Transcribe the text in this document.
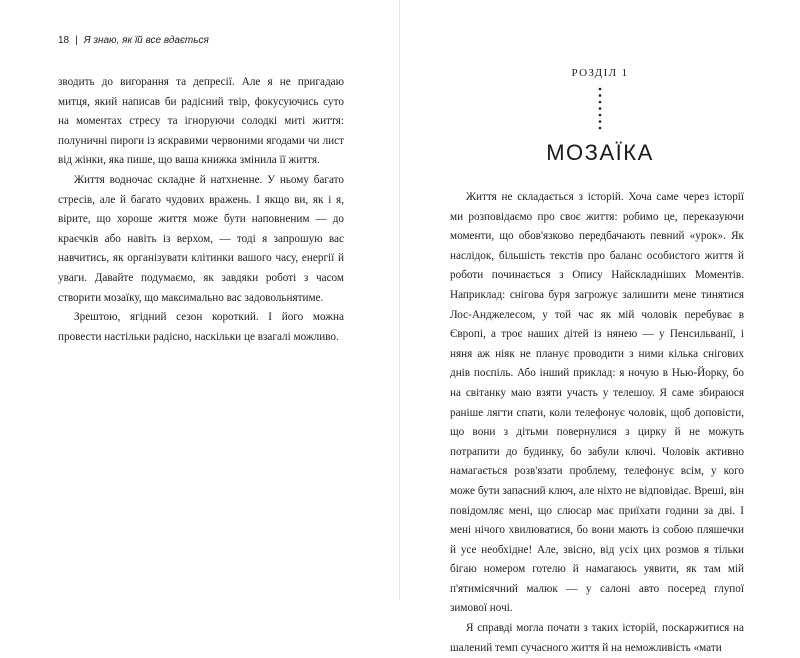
18 | Я знаю, як їй все вдається

зводить до вигорання та депресії. Але я не пригадаю митця, який написав би радісний твір, фокусуючись суто на моментах стресу та ігноруючи солодкі миті життя: полуничні пироги із яскравими червоними ягодами чи лист від жінки, яка пише, що ваша книжка змінила її життя.

Життя водночас складне й натхненне. У ньому багато стресів, але й багато чудових вражень. І якщо ви, як і я, вірите, що хороше життя може бути наповненим — до краєчків або навіть із верхом, — тоді я запрошую вас навчитись, як організувати клітинки вашого часу, енергії й уваги. Давайте подумаємо, як завдяки роботі з часом створити мозаїку, що максимально вас задовольнятиме.

Зрештою, ягідний сезон короткий. І його можна провести настільки радісно, наскільки це взагалі можливо.

РОЗДІЛ 1
МОЗАЇКА

Життя не складається з історій. Хоча саме через історії ми розповідаємо про своє життя: робимо це, переказуючи моменти, що обов'язково передбачають певний «урок». Як наслідок, більшість текстів про баланс особистого життя й роботи починається з Опису Найскладніших Моментів. Наприклад: снігова буря загрожує залишити мене тинятися Лос-Анджелесом, у той час як мій чоловік перебуває в Європі, а троє наших дітей із нянею — у Пенсильванії, і няня аж ніяк не планує проводити з ними кілька снігових днів поспіль. Або інший приклад: я ночую в Нью-Йорку, бо на світанку маю взяти участь у телешоу. Я саме збираюся раніше лягти спати, коли телефонує чоловік, щоб доповісти, що вони з дітьми повернулися з цирку й не можуть потрапити до будинку, бо забули ключі. Чоловік активно намагається розв'язати проблему, телефонує всім, у кого може бути запасний ключ, але ніхто не відповідає. Вреші, він повідомляє мені, що слюсар має приїхати години за дві. І мені нічого хвилюватися, бо вони мають із собою пляшечки й усе необхідне! Але, звісно, від усіх цих розмов я тільки бігаю номером готелю й намагаюсь уявити, як там мій п'ятимісячний малюк — у салоні авто посеред глупої зимової ночі.

Я справді могла почати з таких історій, поскаржитися на шалений темп сучасного життя й на неможливість «мати
